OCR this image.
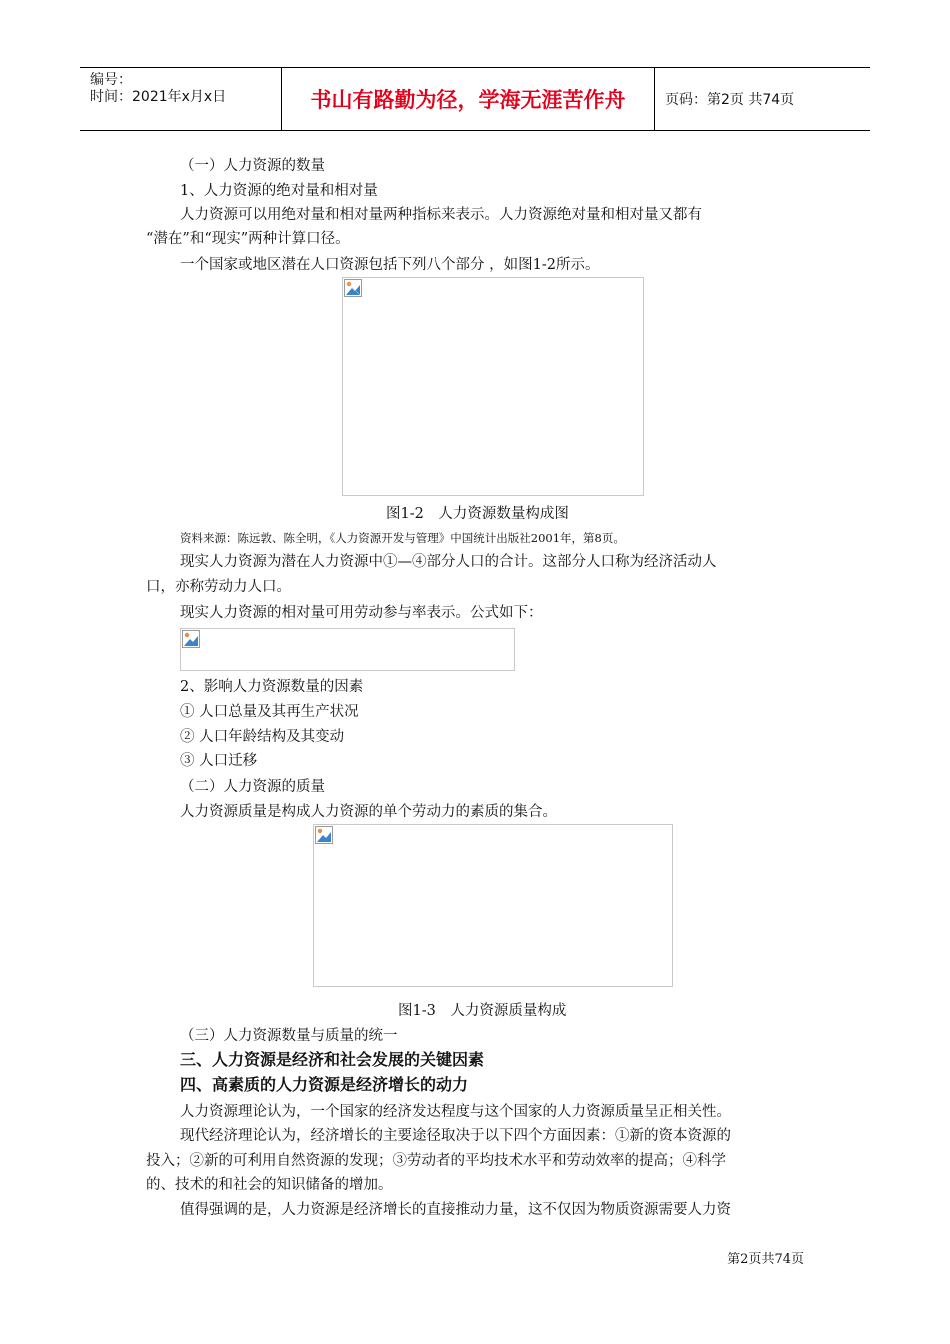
编号：
时间：2021年x月x日	书山有路勤为径，学海无涯苦作舟	页码：第2页 共74页
（一）人力资源的数量
1、人力资源的绝对量和相对量
人力资源可以用绝对量和相对量两种指标来表示。人力资源绝对量和相对量又都有
“潜在”和“现实”两种计算口径。
一个国家或地区潜在人口资源包括下列八个部分 ，如图1-2所示。
图1-2　人力资源数量构成图
资料来源：陈远敦、陈全明，《人力资源开发与管理》中国统计出版社2001年，第8页。
现实人力资源为潜在人力资源中①—④部分人口的合计。这部分人口称为经济活动人
口，亦称劳动力人口。
现实人力资源的相对量可用劳动参与率表示。公式如下：
2、影响人力资源数量的因素
① 人口总量及其再生产状况
② 人口年龄结构及其变动
③ 人口迁移
（二）人力资源的质量
人力资源质量是构成人力资源的单个劳动力的素质的集合。
图1-3　人力资源质量构成
（三）人力资源数量与质量的统一
三、人力资源是经济和社会发展的关键因素
四、高素质的人力资源是经济增长的动力
人力资源理论认为，一个国家的经济发达程度与这个国家的人力资源质量呈正相关性。
现代经济理论认为，经济增长的主要途径取决于以下四个方面因素：①新的资本资源的
投入；②新的可利用自然资源的发现；③劳动者的平均技术水平和劳动效率的提高；④科学
的、技术的和社会的知识储备的增加。
值得强调的是，人力资源是经济增长的直接推动力量，这不仅因为物质资源需要人力资
第2页共74页
